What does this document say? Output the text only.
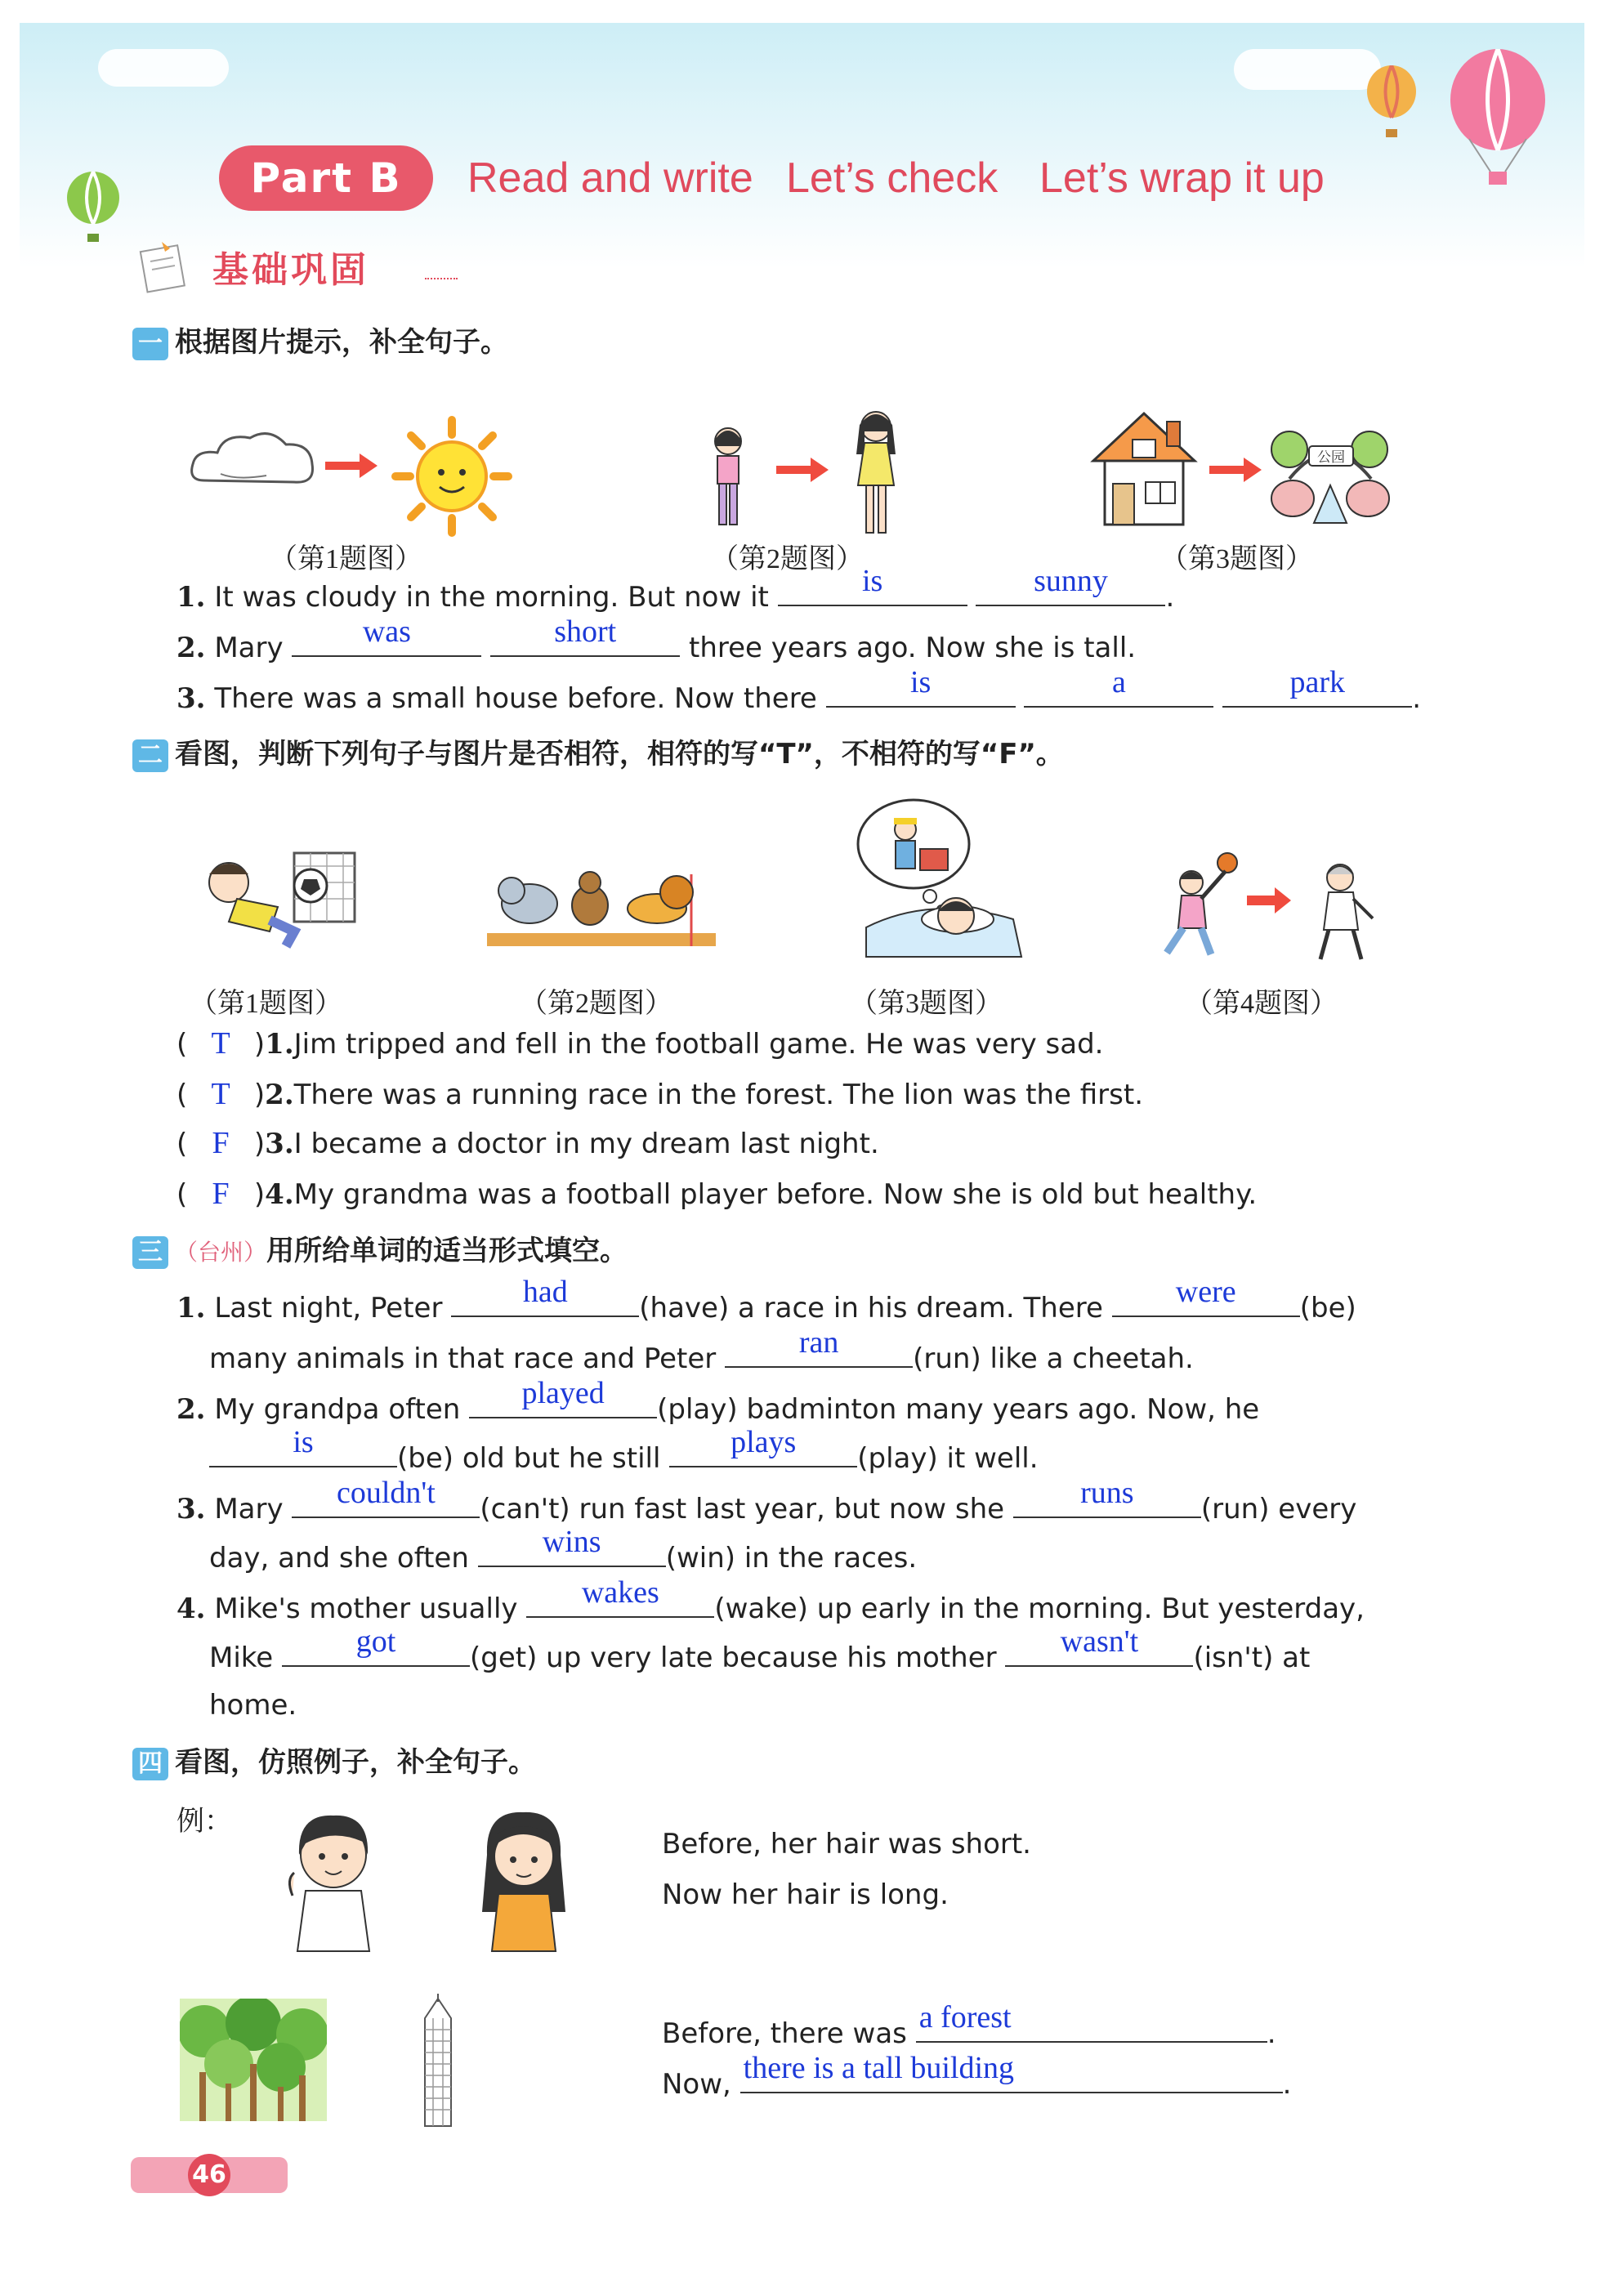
Part B	Read and write Let’s check Let’s wrap it up
基础巩固
一 根据图片提示，补全句子。
（第1题图）	（第2题图）
公园
（第3题图）
1. It was cloudy in the morning. But now it	is
	sunny	.
2. Mary	was
	short	three years ago. Now she is tall.
3. There was a small house before. Now there	is
	a
	park	.
二 看图，判断下列句子与图片是否相符，相符的写“T”，不相符的写“F”。
（第1题图）	（第2题图）	（第3题图）	（第4题图）
( T )1.Jim tripped and fell in the football game. He was very sad.
( T )2.There was a running race in the forest. The lion was the first.
( F )3.I became a doctor in my dream last night.
( F )4.My grandma was a football player before. Now she is old but healthy.
三 （台州）用所给单词的适当形式填空。
1. Last night, Peter	had	(have) a race in his dream. There	were	(be)
many animals in that race and Peter	ran	(run) like a cheetah.
2. My grandpa often	played	(play) badminton many years ago. Now, he
is	(be) old but he still	plays	(play) it well.
3. Mary	couldn't	(can't) run fast last year, but now she	runs	(run) every
day, and she often	wins	(win) in the races.
4. Mike's mother usually	wakes	(wake) up early in the morning. But yesterday,
Mike	got	(get) up very late because his mother	wasn't	(isn't) at
home.
四 看图，仿照例子，补全句子。
例：
Before, her hair was short.
Now her hair is long.
Before, there was a forest	.
Now, there is a tall building	.
46
